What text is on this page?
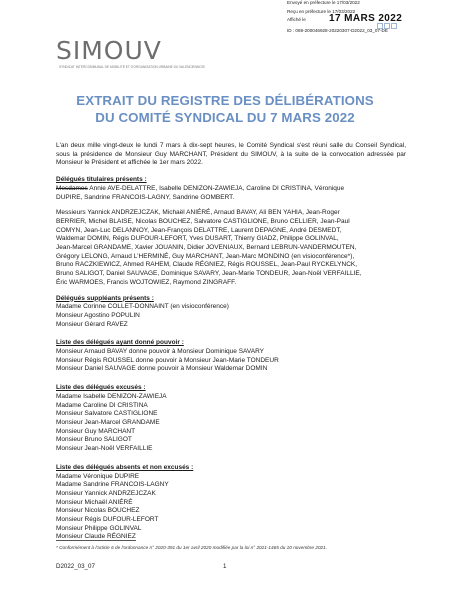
Envoyé en préfecture le 17/03/2022
Reçu en préfecture le 17/03/2022
Affiché le 17 MARS 2022
ID : 069-200046928-20220307-D2022_03_07-DE
SIMOUV
SYNDICAT INTERCOMMUNAL DE MOBILITÉ ET D'ORGANISATION URBAINE DU VALENCIENNOIS
EXTRAIT DU REGISTRE DES DÉLIBÉRATIONS
DU COMITÉ SYNDICAL DU 7 MARS 2022
L'an deux mille vingt-deux le lundi 7 mars à dix-sept heures, le Comité Syndical s'est réuni salle du Conseil Syndical, sous la présidence de Monsieur Guy MARCHANT, Président du SIMOUV, à la suite de la convocation adressée par Monsieur le Président et affichée le 1er mars 2022.
Délégués titulaires présents :
Mesdames Annie AVE-DELATTRE, Isabelle DENIZON-ZAWIEJA, Caroline DI CRISTINA, Véronique
DUPIRE, Sandrine FRANCOIS-LAGNY, Sandrine GOMBERT.
Messieurs Yannick ANDRZEJCZAK, Michaël ANIÉRÉ, Arnaud BAVAY, Ali BEN YAHIA, Jean-Roger
BERRIER, Michel BLAISE, Nicolas BOUCHEZ, Salvatore CASTIGLIONE, Bruno CELLIER, Jean-Paul
COMYN, Jean-Luc DELANNOY, Jean-François DELATTRE, Laurent DEPAGNE, André DESMEDT,
Waldemar DOMIN, Régis DUFOUR-LEFORT, Yves DUSART, Thierry GIADZ, Philippe GOLINVAL,
Jean-Marcel GRANDAME, Xavier JOUANIN, Didier JOVENIAUX, Bernard LEBRUN-VANDERMOUTEN,
Grégory LELONG, Arnaud L'HERMINÉ, Guy MARCHANT, Jean-Marc MONDINO (en visioconférence*),
Bruno RACZKIEWICZ, Ahmed RAHEM, Claude RÉGNIEZ, Régis ROUSSEL, Jean-Paul RYCKELYNCK,
Bruno SALIGOT, Daniel SAUVAGE, Dominique SAVARY, Jean-Marie TONDEUR, Jean-Noël VERFAILLIE,
Éric WARMOES, Francis WOJTOWIEZ, Raymond ZINGRAFF.
Délégués suppléants présents :
Madame Corinne COLLET-DONNAINT (en visioconférence)
Monsieur Agostino POPULIN
Monsieur Gérard RAVEZ
Liste des délégués ayant donné pouvoir :
Monsieur Arnaud BAVAY donne pouvoir à Monsieur Dominique SAVARY
Monsieur Régis ROUSSEL donne pouvoir à Monsieur Jean-Marie TONDEUR
Monsieur Daniel SAUVAGE donne pouvoir à Monsieur Waldemar DOMIN
Liste des délégués excusés :
Madame Isabelle DENIZON-ZAWIEJA
Madame Caroline DI CRISTINA
Monsieur Salvatore CASTIGLIONE
Monsieur Jean-Marcel GRANDAME
Monsieur Guy MARCHANT
Monsieur Bruno SALIGOT
Monsieur Jean-Noël VERFAILLIE
Liste des délégués absents et non excusés :
Madame Véronique DUPIRE
Madame Sandrine FRANCOIS-LAGNY
Monsieur Yannick ANDRZEJCZAK
Monsieur Michaël ANIÉRÉ
Monsieur Nicolas BOUCHEZ
Monsieur Régis DUFOUR-LEFORT
Monsieur Philippe GOLINVAL
Monsieur Claude RÉGNIEZ
* Conformément à l'article 6 de l'ordonnance n° 2020-391 du 1er avril 2020 modifiée par la loi n° 2021-1465 du 10 novembre 2021.
D2022_03_07	1
